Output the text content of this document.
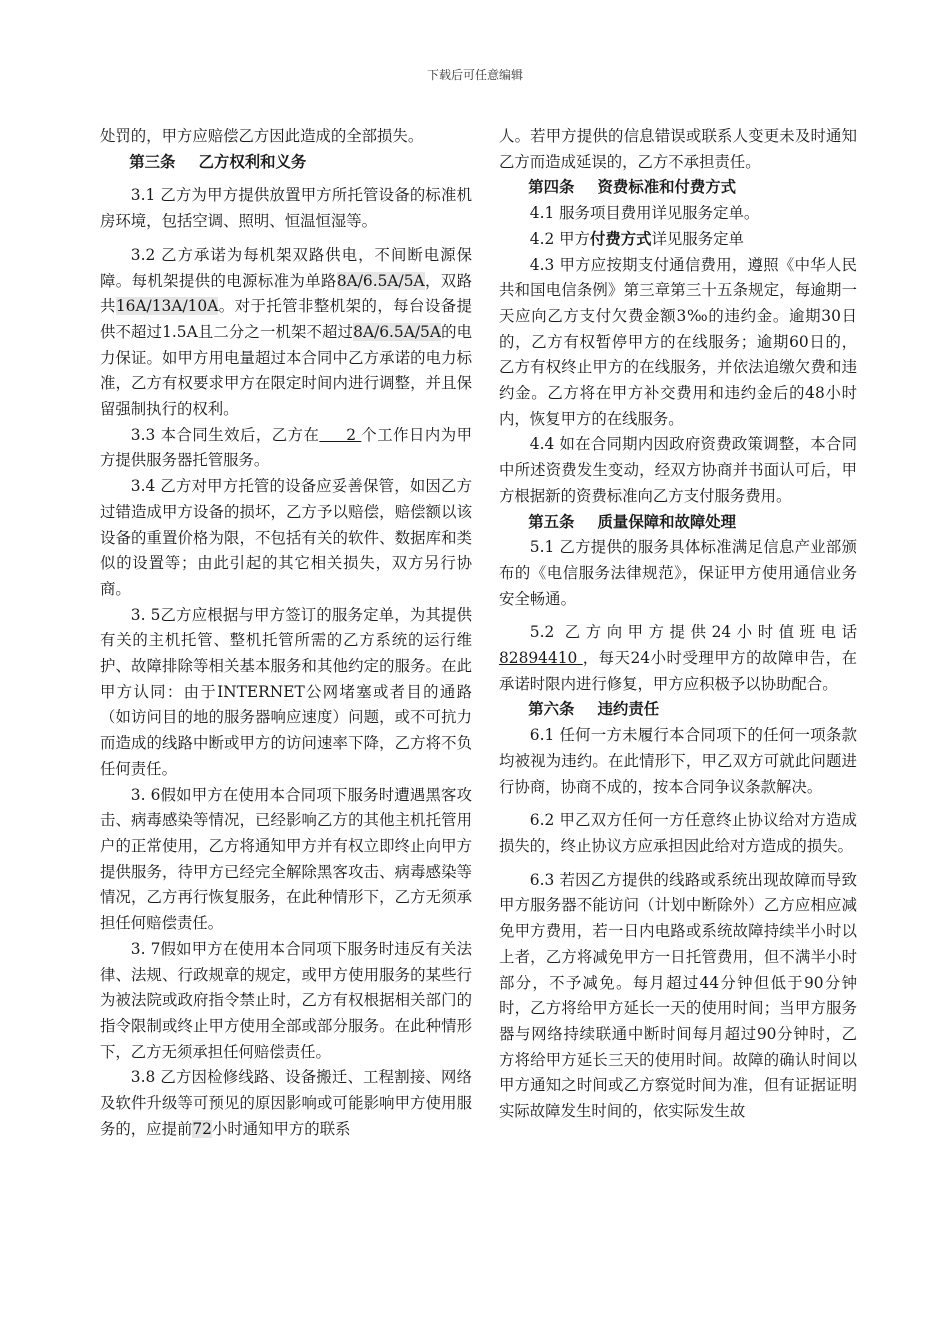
下载后可任意编辑

处罚的，甲方应赔偿乙方因此造成的全部损失。

第三条 乙方权利和义务

3.1 乙方为甲方提供放置甲方所托管设备的标准机房环境，包括空调、照明、恒温恒湿等。

3.2 乙方承诺为每机架双路供电，不间断电源保障。每机架提供的电源标准为单路8A/6.5A/5A，双路共16A/13A/10A。对于托管非整机架的，每台设备提供不超过1.5A且二分之一机架不超过8A/6.5A/5A的电力保证。如甲方用电量超过本合同中乙方承诺的电力标准，乙方有权要求甲方在限定时间内进行调整，并且保留强制执行的权利。

3.3 本合同生效后，乙方在     2 个工作日内为甲方提供服务器托管服务。

3.4 乙方对甲方托管的设备应妥善保管，如因乙方过错造成甲方设备的损坏，乙方予以赔偿，赔偿额以该设备的重置价格为限，不包括有关的软件、数据库和类似的设置等；由此引起的其它相关损失，双方另行协商。

3. 5乙方应根据与甲方签订的服务定单，为其提供有关的主机托管、整机托管所需的乙方系统的运行维护、故障排除等相关基本服务和其他约定的服务。在此甲方认同：由于INTERNET公网堵塞或者目的通路（如访问目的地的服务器响应速度）问题，或不可抗力而造成的线路中断或甲方的访问速率下降，乙方将不负任何责任。

3. 6假如甲方在使用本合同项下服务时遭遇黑客攻击、病毒感染等情况，已经影响乙方的其他主机托管用户的正常使用，乙方将通知甲方并有权立即终止向甲方提供服务，待甲方已经完全解除黑客攻击、病毒感染等情况，乙方再行恢复服务，在此种情形下，乙方无须承担任何赔偿责任。

3. 7假如甲方在使用本合同项下服务时违反有关法律、法规、行政规章的规定，或甲方使用服务的某些行为被法院或政府指令禁止时，乙方有权根据相关部门的指令限制或终止甲方使用全部或部分服务。在此种情形下，乙方无须承担任何赔偿责任。

3.8 乙方因检修线路、设备搬迁、工程割接、网络及软件升级等可预见的原因影响或可能影响甲方使用服务的，应提前72小时通知甲方的联系

人。若甲方提供的信息错误或联系人变更未及时通知乙方而造成延误的，乙方不承担责任。

第四条 资费标准和付费方式

4.1 服务项目费用详见服务定单。

4.2 甲方付费方式详见服务定单

4.3 甲方应按期支付通信费用，遵照《中华人民共和国电信条例》第三章第三十五条规定，每逾期一天应向乙方支付欠费金额3‰的违约金。逾期30日的，乙方有权暂停甲方的在线服务；逾期60日的，乙方有权终止甲方的在线服务，并依法追缴欠费和违约金。乙方将在甲方补交费用和违约金后的48小时内，恢复甲方的在线服务。

4.4 如在合同期内因政府资费政策调整，本合同中所述资费发生变动，经双方协商并书面认可后，甲方根据新的资费标准向乙方支付服务费用。

第五条 质量保障和故障处理

5.1 乙方提供的服务具体标准满足信息产业部颁布的《电信服务法律规范》，保证甲方使用通信业务安全畅通。

5.2 乙方向甲方提供24小时值班电话82894410 ，每天24小时受理甲方的故障申告，在承诺时限内进行修复，甲方应积极予以协助配合。

第六条 违约责任

6.1 任何一方未履行本合同项下的任何一项条款均被视为违约。在此情形下，甲乙双方可就此问题进行协商，协商不成的，按本合同争议条款解决。

6.2 甲乙双方任何一方任意终止协议给对方造成损失的，终止协议方应承担因此给对方造成的损失。

6.3 若因乙方提供的线路或系统出现故障而导致甲方服务器不能访问（计划中断除外）乙方应相应减免甲方费用，若一日内电路或系统故障持续半小时以上者，乙方将减免甲方一日托管费用，但不满半小时部分，不予减免。每月超过44分钟但低于90分钟时，乙方将给甲方延长一天的使用时间；当甲方服务器与网络持续联通中断时间每月超过90分钟时，乙方将给甲方延长三天的使用时间。故障的确认时间以甲方通知之时间或乙方察觉时间为准，但有证据证明实际故障发生时间的，依实际发生故
